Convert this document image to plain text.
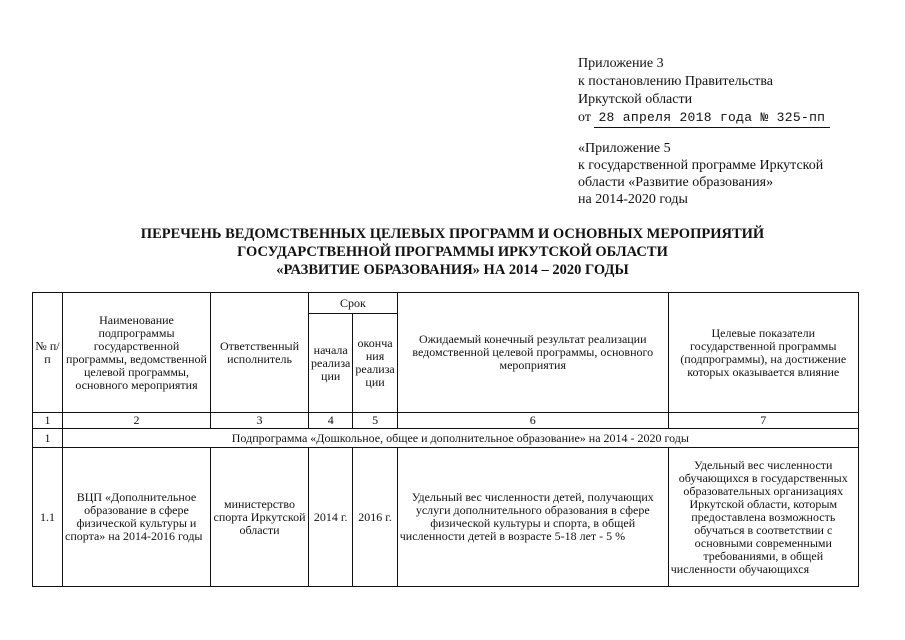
Приложение 3
к постановлению Правительства
Иркутской области
от 28 апреля 2018 года № 325-пп
«Приложение 5
к государственной программе Иркутской
области «Развитие образования»
на 2014-2020 годы
ПЕРЕЧЕНЬ ВЕДОМСТВЕННЫХ ЦЕЛЕВЫХ ПРОГРАММ И ОСНОВНЫХ МЕРОПРИЯТИЙ
ГОСУДАРСТВЕННОЙ ПРОГРАММЫ ИРКУТСКОЙ ОБЛАСТИ
«РАЗВИТИЕ ОБРАЗОВАНИЯ» НА 2014 – 2020 ГОДЫ
№ п/п	Наименование подпрограммы государственной программы, ведомственной целевой программы, основного мероприятия	Ответственный исполнитель	Срок		Ожидаемый конечный результат реализации ведомственной целевой программы, основного мероприятия	Целевые показатели государственной программы (подпрограммы), на достижение которых оказывается влияние
			начала реализа ции	оконча ния реализа ции		
1	2	3	4	5	6	7
1	Подпрограмма «Дошкольное, общее и дополнительное образование» на 2014 - 2020 годы					
1.1	ВЦП «Дополнительное образование в сфере физической культуры и спорта» на 2014-2016 годы	министерство спорта Иркутской области	2014 г.	2016 г.	Удельный вес численности детей, получающих услуги дополнительного образования в сфере физической культуры и спорта, в общей численности детей в возрасте 5-18 лет - 5 %	Удельный вес численности обучающихся в государственных образовательных организациях Иркутской области, которым предоставлена возможность обучаться в соответствии с основными современными требованиями, в общей численности обучающихся
